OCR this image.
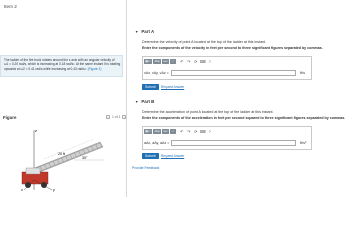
Item 2
The ladder of the fire truck rotates around the z axis with an angular velocity of
ω1 = 0.20 rad/s, which is increasing at 0.18 rad/s². At the same instant it is rotating
upwards at ω2 = 0.41 rad/s while increasing at 0.43 rad/s². (Figure 1)
Figure	‹	1 of 1	›
z
20 ft
30°
x	y
▼ Part A
Determine the velocity of point A located at the top of the ladder at this instant.
Enter the components of the velocity in feet per second to three significant figures separated by commas.
▦√□	ΑΣφ	vec	↓↑	↶ ↷ ⟳ ⌨ ?
vAx, vAy, vAz =	ft/s
Submit	Request Answer
▼ Part B
Determine the acceleration of point A located at the top of the ladder at this instant.
Enter the components of the acceleration in feet per second squared to three significant figures separated by commas.
▦√□	ΑΣφ	vec	↓↑	↶ ↷ ⟳ ⌨ ?
aAx, aAy, aAz =	ft/s²
Submit	Request Answer
Provide Feedback
